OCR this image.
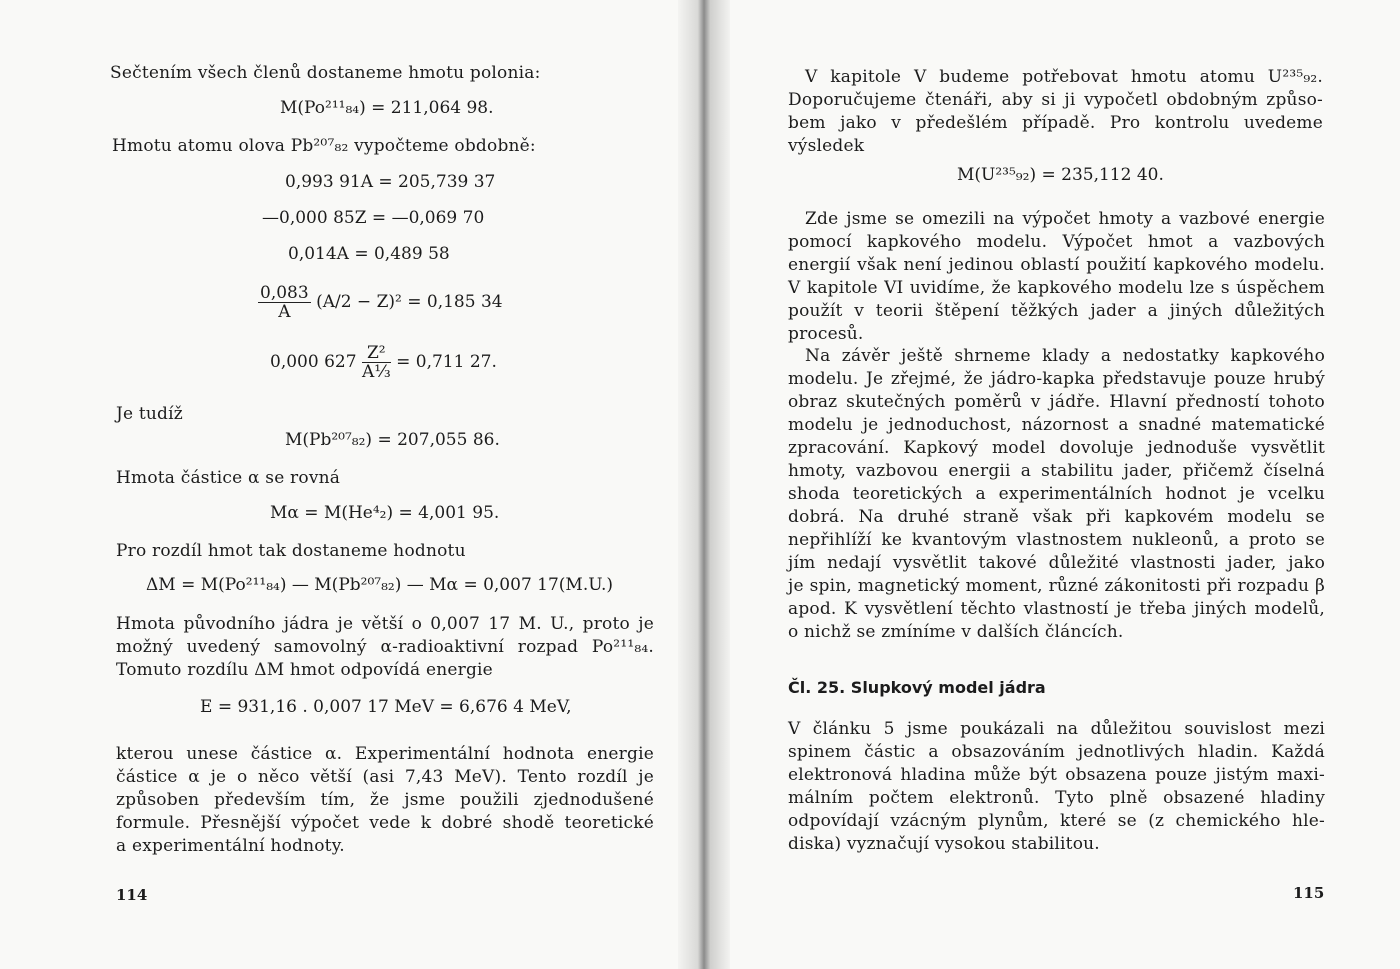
Sečtením všech členů dostaneme hmotu polonia:
M(Po²¹¹₈₄) = 211,064 98.
Hmotu atomu olova Pb²⁰⁷₈₂ vypočteme obdobně:
0,993 91A = 205,739 37
—0,000 85Z = —0,069 70
0,014A = 0,489 58
$\frac{0,083}{A} (A/2 - Z)^2 = 0,185$ 34
0,000 $627 \frac{\text{Z²}}{\text{A⅓}} = 0,711$ 27.
Je tudíž
M(Pb²⁰⁷₈₂) = 207,055 86.
Hmota částice α se rovná
Mα = M(He⁴₂) = 4,001 95.
Pro rozdíl hmot tak dostaneme hodnotu
ΔM = M(Po²¹¹₈₄) — M(Pb²⁰⁷₈₂) — Mα = 0,007 17(M.U.)
Hmota původního jádra je větší o 0,007 17 M. U., proto je
možný uvedený samovolný α-radioaktivní rozpad Po²¹¹₈₄.
Tomuto rozdílu ΔM hmot odpovídá energie
E = 931,16 . 0,007 17 MeV = 6,676 4 MeV,
kterou unese částice α. Experimentální hodnota energie
částice α je o něco větší (asi 7,43 MeV). Tento rozdíl je
způsoben především tím, že jsme použili zjednodušené
formule. Přesnější výpočet vede k dobré shodě teoretické
a experimentální hodnoty.
114
V kapitole V budeme potřebovat hmotu atomu U²³⁵₉₂.
Doporučujeme čtenáři, aby si ji vypočetl obdobným způso-
bem jako v předešlém případě. Pro kontrolu uvedeme
výsledek
M(U²³⁵₉₂) = 235,112 40.
Zde jsme se omezili na výpočet hmoty a vazbové energie
pomocí kapkového modelu. Výpočet hmot a vazbových
energií však není jedinou oblastí použití kapkového modelu.
V kapitole VI uvidíme, že kapkového modelu lze s úspěchem
použít v teorii štěpení těžkých jader a jiných důležitých
procesů.
Na závěr ještě shrneme klady a nedostatky kapkového
modelu. Je zřejmé, že jádro-kapka představuje pouze hrubý
obraz skutečných poměrů v jádře. Hlavní předností tohoto
modelu je jednoduchost, názornost a snadné matematické
zpracování. Kapkový model dovoluje jednoduše vysvětlit
hmoty, vazbovou energii a stabilitu jader, přičemž číselná
shoda teoretických a experimentálních hodnot je vcelku
dobrá. Na druhé straně však při kapkovém modelu se
nepřihlíží ke kvantovým vlastnostem nukleonů, a proto se
jím nedají vysvětlit takové důležité vlastnosti jader, jako
je spin, magnetický moment, různé zákonitosti při rozpadu β
apod. K vysvětlení těchto vlastností je třeba jiných modelů,
o nichž se zmíníme v dalších článcích.
Čl. 25. Slupkový model jádra
V článku 5 jsme poukázali na důležitou souvislost mezi
spinem částic a obsazováním jednotlivých hladin. Každá
elektronová hladina může být obsazena pouze jistým maxi-
málním počtem elektronů. Tyto plně obsazené hladiny
odpovídají vzácným plynům, které se (z chemického hle-
diska) vyznačují vysokou stabilitou.
115
